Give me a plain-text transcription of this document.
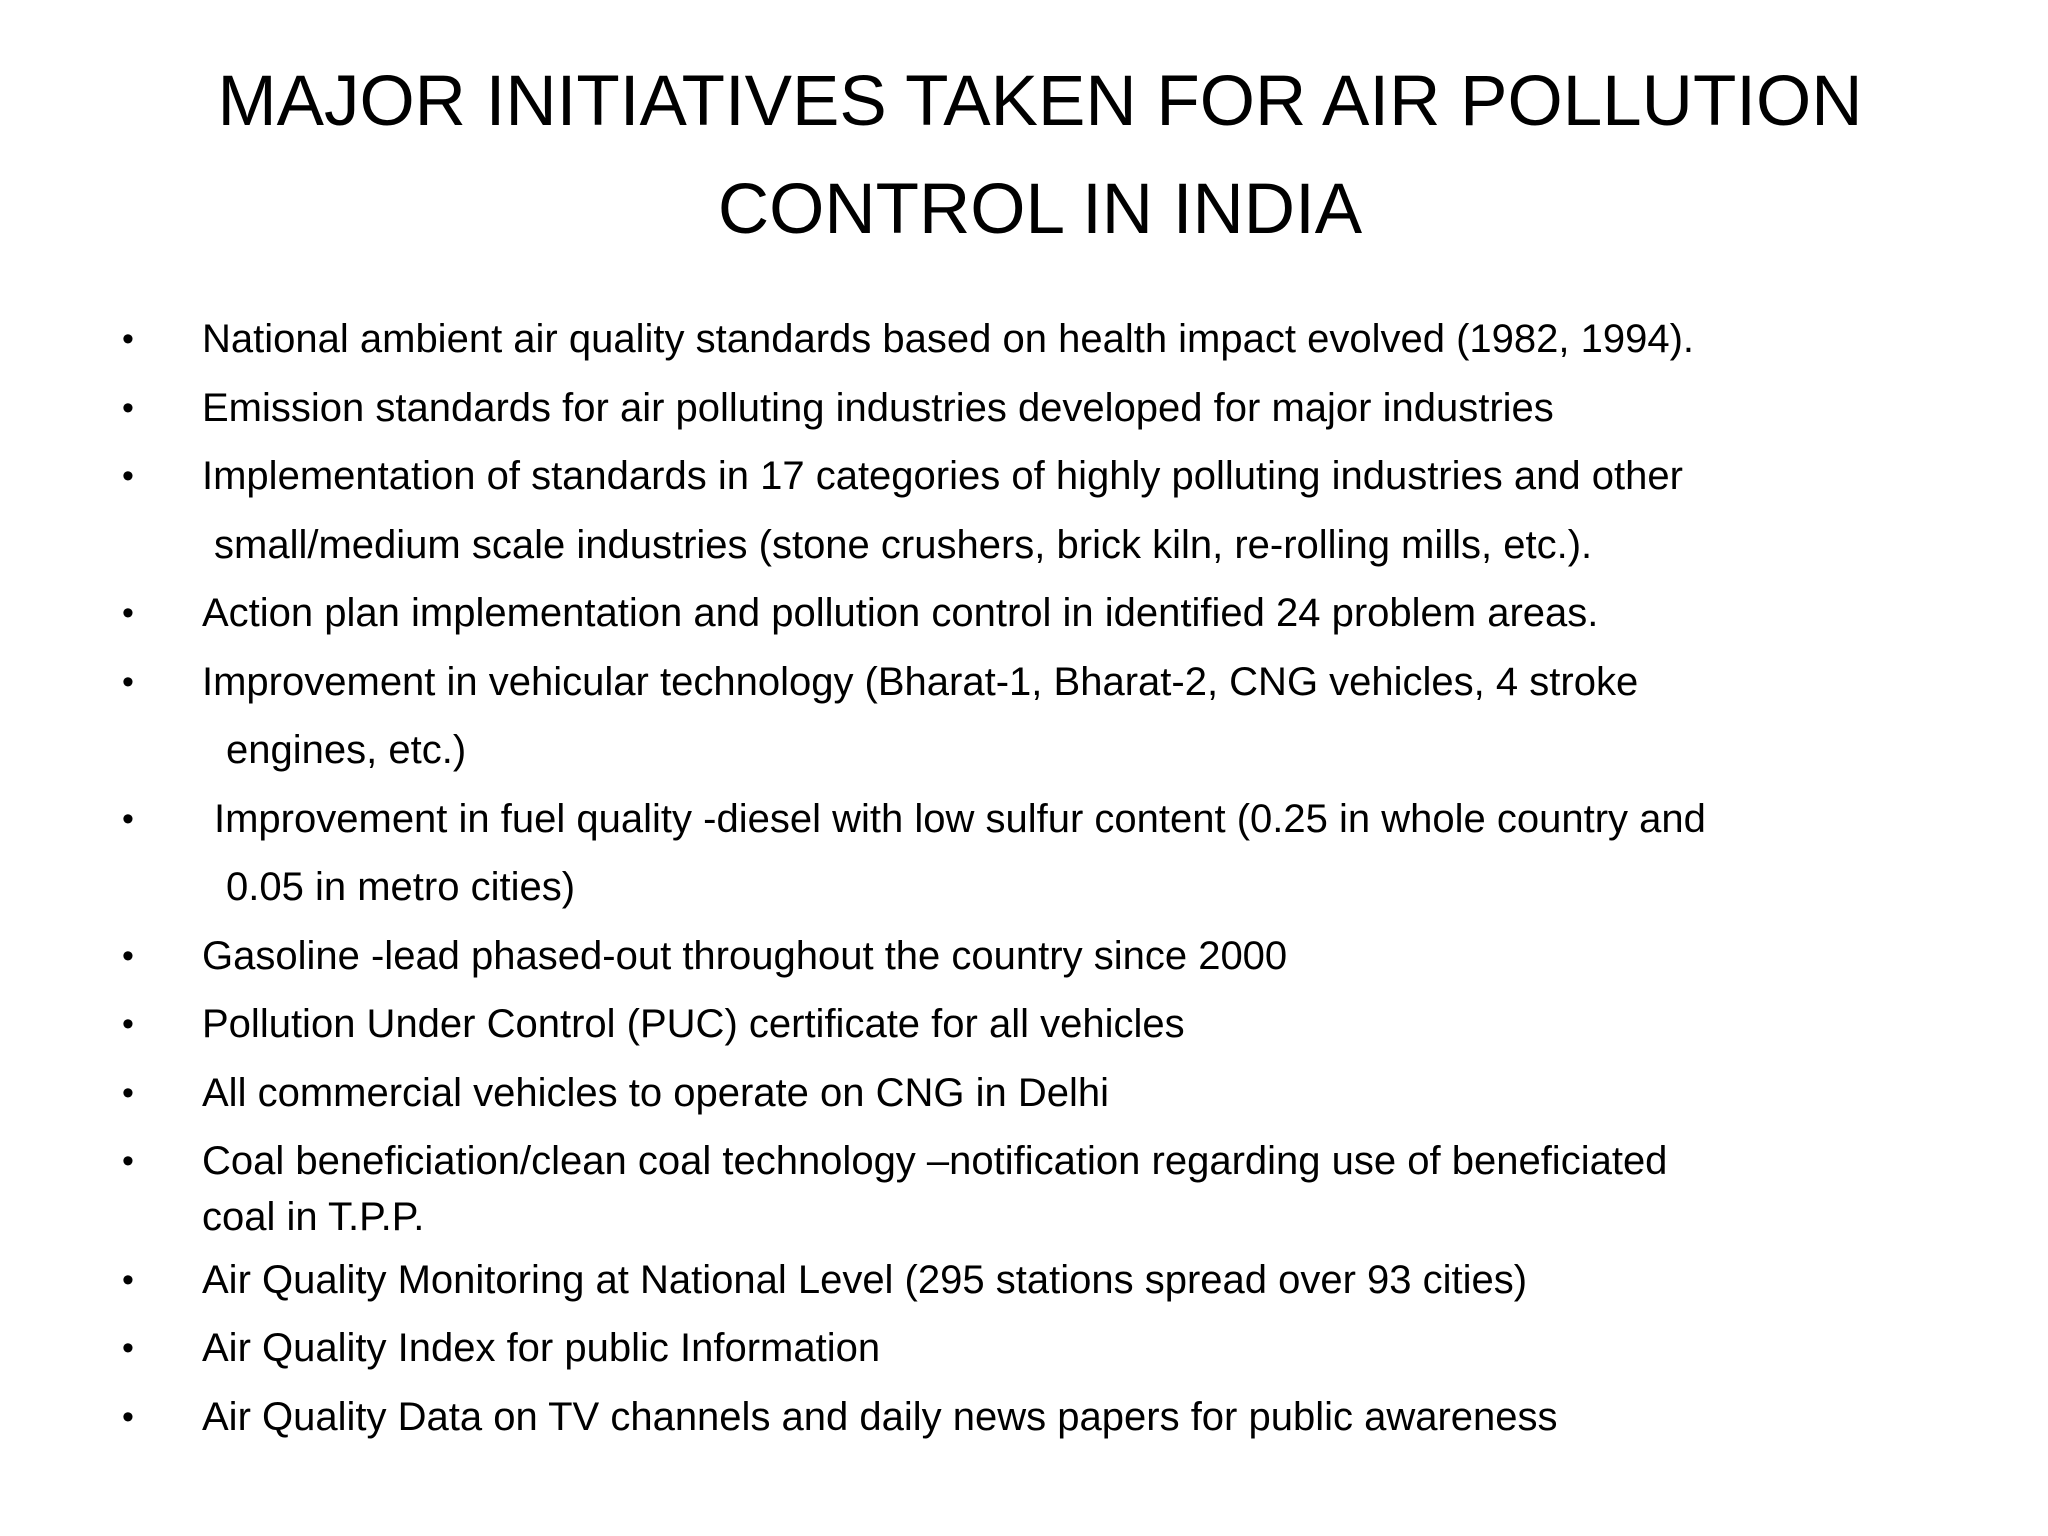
MAJOR INITIATIVES TAKEN FOR AIR POLLUTION
CONTROL IN INDIA
• National ambient air quality standards based on health impact evolved (1982, 1994).
• Emission standards for air polluting industries developed for major industries
• Implementation of standards in 17 categories of highly polluting industries and other
small/medium scale industries (stone crushers, brick kiln, re-rolling mills, etc.).
• Action plan implementation and pollution control in identified 24 problem areas.
• Improvement in vehicular technology (Bharat-1, Bharat-2, CNG vehicles, 4 stroke
engines, etc.)
•	Improvement in fuel quality -diesel with low sulfur content (0.25 in whole country and
0.05 in metro cities)
• Gasoline -lead phased-out throughout the country since 2000
• Pollution Under Control (PUC) certificate for all vehicles
• All commercial vehicles to operate on CNG in Delhi
• Coal beneficiation/clean coal technology –notification regarding use of beneficiated
coal in T.P.P.
• Air Quality Monitoring at National Level (295 stations spread over 93 cities)
• Air Quality Index for public Information
• Air Quality Data on TV channels and daily news papers for public awareness
